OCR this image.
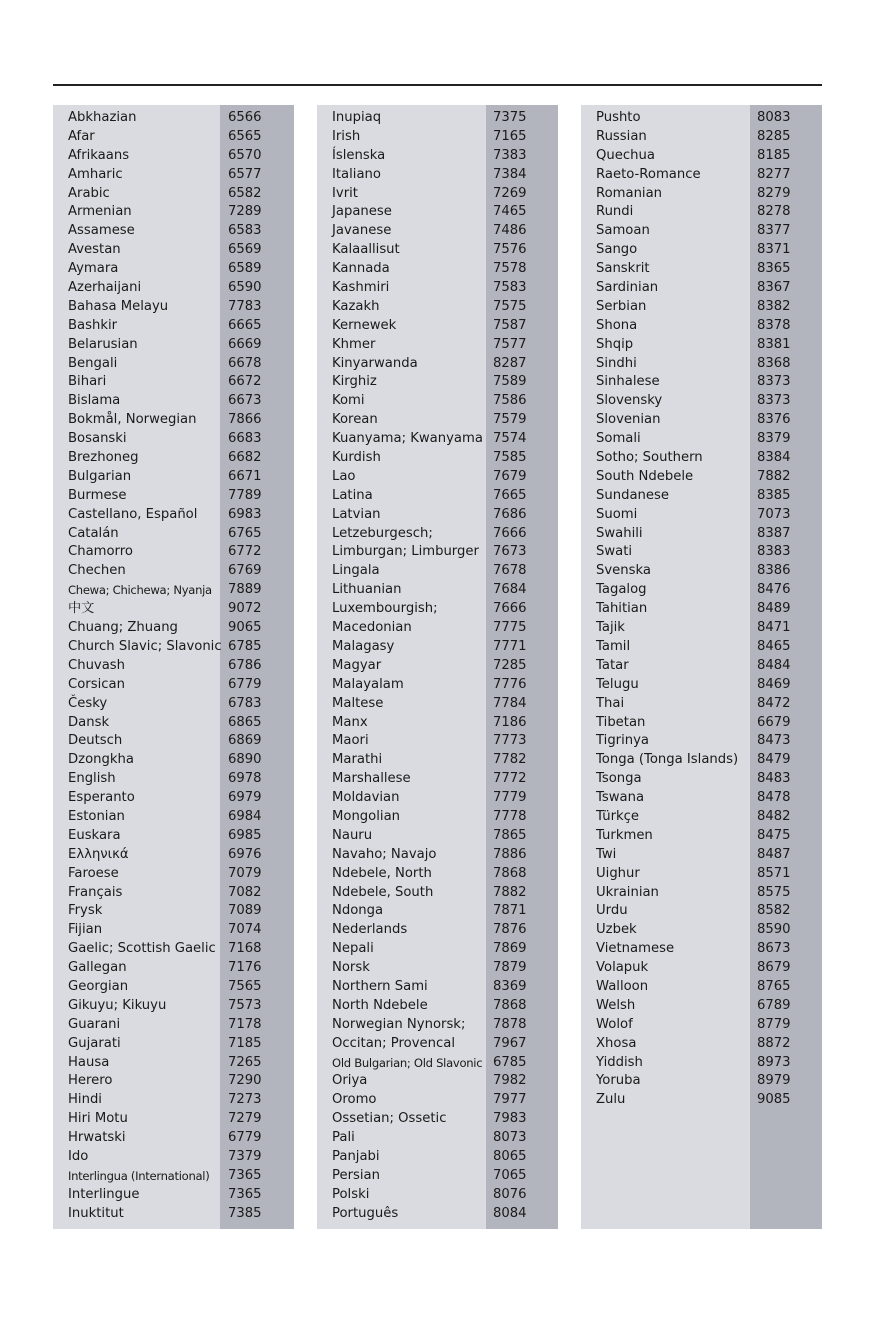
Abkhazian	6566
Afar	6565
Afrikaans	6570
Amharic	6577
Arabic	6582
Armenian	7289
Assamese	6583
Avestan	6569
Aymara	6589
Azerhaijani	6590
Bahasa Melayu	7783
Bashkir	6665
Belarusian	6669
Bengali	6678
Bihari	6672
Bislama	6673
Bokmål, Norwegian 7866
Bosanski	6683
Brezhoneg	6682
Bulgarian	6671
Burmese	7789
Castellano, Español 6983
Catalán	6765
Chamorro	6772
Chechen	6769
Chewa; Chichewa; Nyanja 7889
中文	9072
Chuang; Zhuang	9065
Church Slavic; Slavonic 6785
Chuvash	6786
Corsican	6779
Česky	6783
Dansk	6865
Deutsch	6869
Dzongkha	6890
English	6978
Esperanto	6979
Estonian	6984
Euskara	6985
Ελληνικά	6976
Faroese	7079
Français	7082
Frysk	7089
Fijian	7074
Gaelic; Scottish Gaelic 7168
Gallegan	7176
Georgian	7565
Gikuyu; Kikuyu	7573
Guarani	7178
Gujarati	7185
Hausa	7265
Herero	7290
Hindi	7273
Hiri Motu	7279
Hrwatski	6779
Ido	7379
Interlingua (International) 7365
Interlingue	7365
Inuktitut	7385
Inupiaq	7375
Irish	7165
Íslenska	7383
Italiano	7384
Ivrit	7269
Japanese	7465
Javanese	7486
Kalaallisut	7576
Kannada	7578
Kashmiri	7583
Kazakh	7575
Kernewek	7587
Khmer	7577
Kinyarwanda	8287
Kirghiz	7589
Komi	7586
Korean	7579
Kuanyama; Kwanyama 7574
Kurdish	7585
Lao	7679
Latina	7665
Latvian	7686
Letzeburgesch;	7666
Limburgan; Limburger 7673
Lingala	7678
Lithuanian	7684
Luxembourgish;	7666
Macedonian	7775
Malagasy	7771
Magyar	7285
Malayalam	7776
Maltese	7784
Manx	7186
Maori	7773
Marathi	7782
Marshallese	7772
Moldavian	7779
Mongolian	7778
Nauru	7865
Navaho; Navajo	7886
Ndebele, North	7868
Ndebele, South	7882
Ndonga	7871
Nederlands	7876
Nepali	7869
Norsk	7879
Northern Sami	8369
North Ndebele	7868
Norwegian Nynorsk; 7878
Occitan; Provencal	7967
Old Bulgarian; Old Slavonic 6785
Oriya	7982
Oromo	7977
Ossetian; Ossetic	7983
Pali	8073
Panjabi	8065
Persian	7065
Polski	8076
Português	8084
Pushto	8083
Russian	8285
Quechua	8185
Raeto-Romance	8277
Romanian	8279
Rundi	8278
Samoan	8377
Sango	8371
Sanskrit	8365
Sardinian	8367
Serbian	8382
Shona	8378
Shqip	8381
Sindhi	8368
Sinhalese	8373
Slovensky	8373
Slovenian	8376
Somali	8379
Sotho; Southern	8384
South Ndebele	7882
Sundanese	8385
Suomi	7073
Swahili	8387
Swati	8383
Svenska	8386
Tagalog	8476
Tahitian	8489
Tajik	8471
Tamil	8465
Tatar	8484
Telugu	8469
Thai	8472
Tibetan	6679
Tigrinya	8473
Tonga (Tonga Islands) 8479
Tsonga	8483
Tswana	8478
Türkçe	8482
Turkmen	8475
Twi	8487
Uighur	8571
Ukrainian	8575
Urdu	8582
Uzbek	8590
Vietnamese	8673
Volapuk	8679
Walloon	8765
Welsh	6789
Wolof	8779
Xhosa	8872
Yiddish	8973
Yoruba	8979
Zulu	9085
